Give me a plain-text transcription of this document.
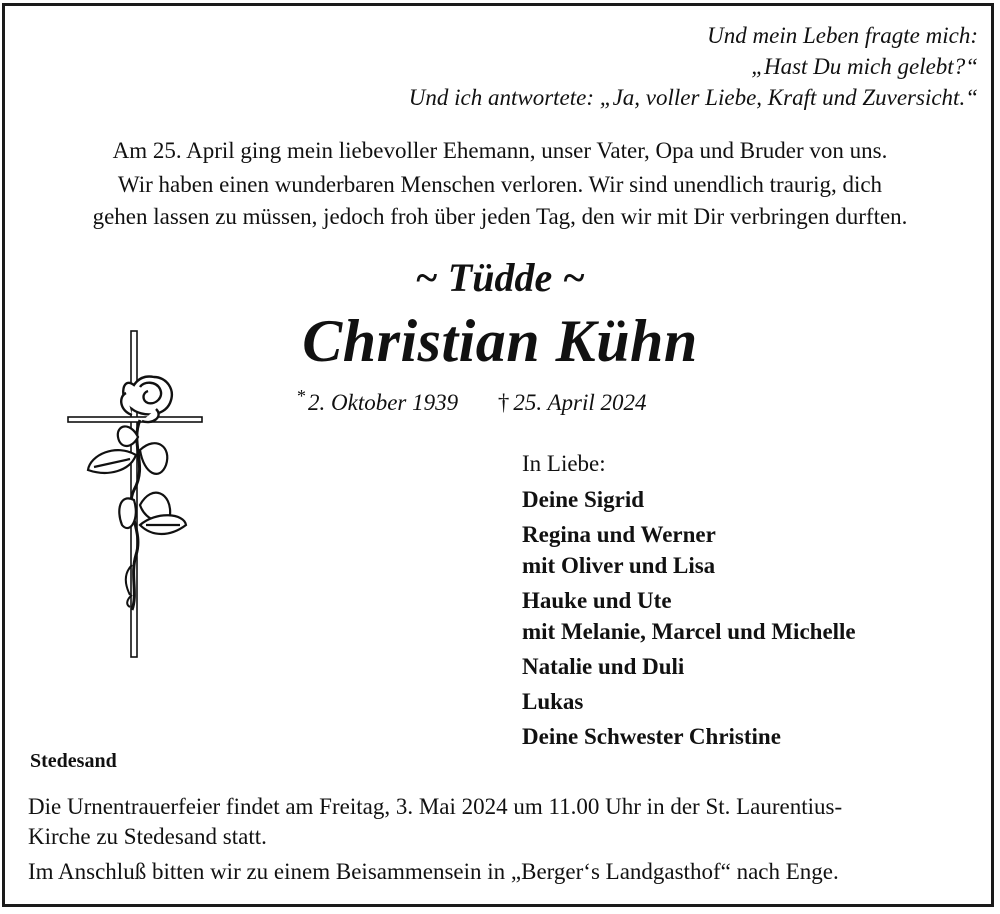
Und mein Leben fragte mich:
„Hast Du mich gelebt?“
Und ich antwortete: „Ja, voller Liebe, Kraft und Zuversicht.“

Am 25. April ging mein liebevoller Ehemann, unser Vater, Opa und Bruder von uns.

Wir haben einen wunderbaren Menschen verloren. Wir sind unendlich traurig, dich

gehen lassen zu müssen, jedoch froh über jeden Tag, den wir mit Dir verbringen durften.

~ Tüdde ~
Christian Kühn
*2. Oktober 1939 † 25. April 2024
In Liebe:
Deine Sigrid
Regina und Werner
mit Oliver und Lisa
Hauke und Ute
mit Melanie, Marcel und Michelle
Natalie und Duli
Lukas
Deine Schwester Christine
Stedesand

Die Urnentrauerfeier findet am Freitag, 3. Mai 2024 um 11.00 Uhr in der St. Laurentius-

Kirche zu Stedesand statt.

Im Anschluß bitten wir zu einem Beisammensein in „Berger‘s Landgasthof“ nach Enge.
